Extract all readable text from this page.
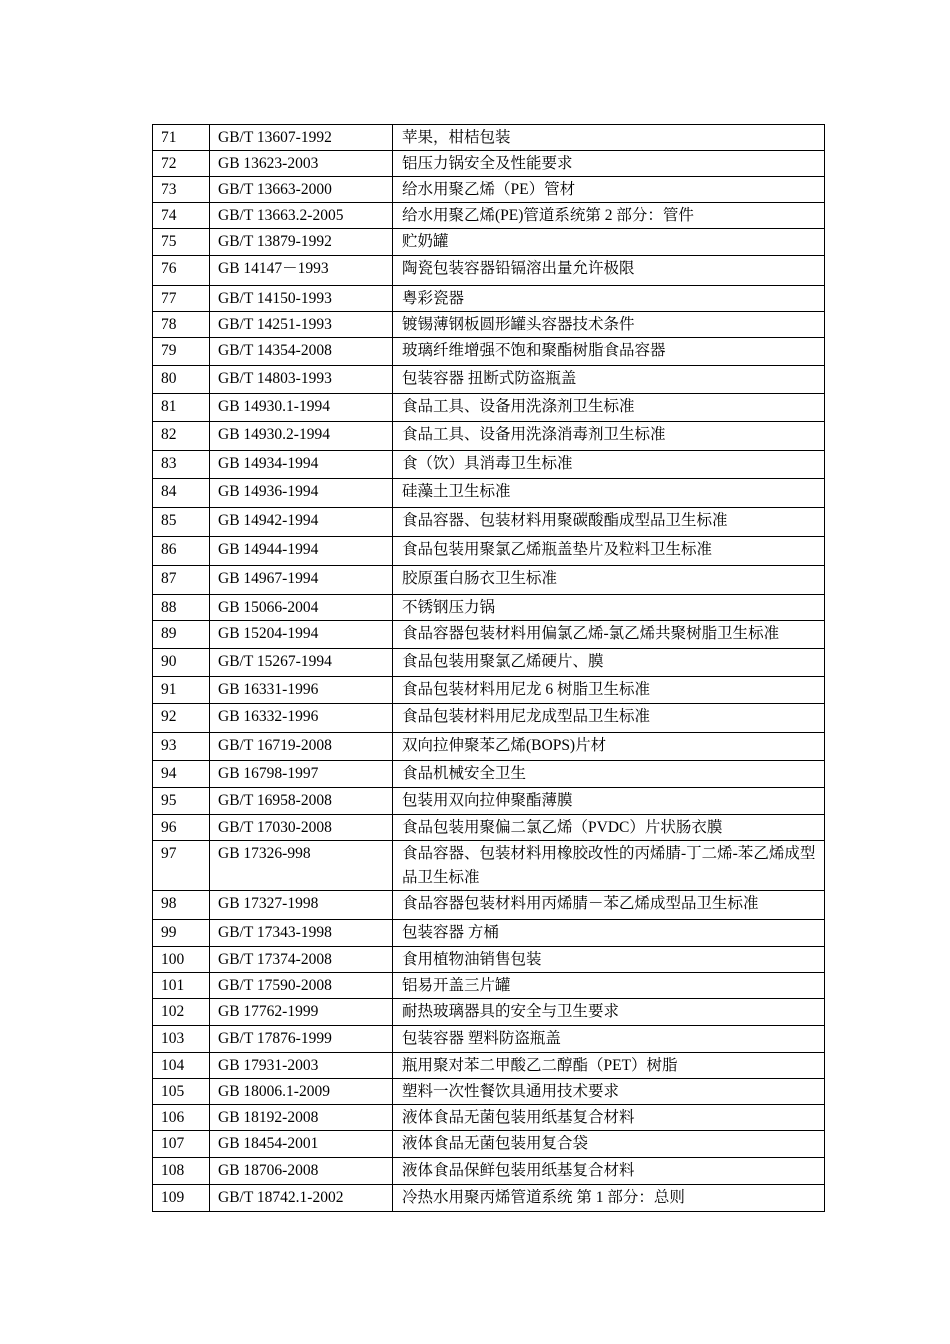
71	GB/T 13607-1992	苹果，柑桔包装
72	GB 13623-2003	铝压力锅安全及性能要求
73	GB/T 13663-2000	给水用聚乙烯（PE）管材
74	GB/T 13663.2-2005	给水用聚乙烯(PE)管道系统第 2 部分：管件
75	GB/T 13879-1992	贮奶罐
76	GB 14147－1993	陶瓷包装容器铅镉溶出量允许极限
77	GB/T 14150-1993	粤彩瓷器
78	GB/T 14251-1993	镀锡薄钢板圆形罐头容器技术条件
79	GB/T 14354-2008	玻璃纤维增强不饱和聚酯树脂食品容器
80	GB/T 14803-1993	包装容器 扭断式防盗瓶盖
81	GB 14930.1-1994	食品工具、设备用洗涤剂卫生标准
82	GB 14930.2-1994	食品工具、设备用洗涤消毒剂卫生标准
83	GB 14934-1994	食（饮）具消毒卫生标准
84	GB 14936-1994	硅藻土卫生标准
85	GB 14942-1994	食品容器、包装材料用聚碳酸酯成型品卫生标准
86	GB 14944-1994	食品包装用聚氯乙烯瓶盖垫片及粒料卫生标准
87	GB 14967-1994	胶原蛋白肠衣卫生标准
88	GB 15066-2004	不锈钢压力锅
89	GB 15204-1994	食品容器包装材料用偏氯乙烯-氯乙烯共聚树脂卫生标准
90	GB/T 15267-1994	食品包装用聚氯乙烯硬片、膜
91	GB 16331-1996	食品包装材料用尼龙 6 树脂卫生标准
92	GB 16332-1996	食品包装材料用尼龙成型品卫生标准
93	GB/T 16719-2008	双向拉伸聚苯乙烯(BOPS)片材
94	GB 16798-1997	食品机械安全卫生
95	GB/T 16958-2008	包装用双向拉伸聚酯薄膜
96	GB/T 17030-2008	食品包装用聚偏二氯乙烯（PVDC）片状肠衣膜
97	GB 17326-998	食品容器、包装材料用橡胶改性的丙烯腈-丁二烯-苯乙烯成型品卫生标准
98	GB 17327-1998	食品容器包装材料用丙烯腈－苯乙烯成型品卫生标准
99	GB/T 17343-1998	包装容器 方桶
100	GB/T 17374-2008	食用植物油销售包装
101	GB/T 17590-2008	铝易开盖三片罐
102	GB 17762-1999	耐热玻璃器具的安全与卫生要求
103	GB/T 17876-1999	包装容器 塑料防盗瓶盖
104	GB 17931-2003	瓶用聚对苯二甲酸乙二醇酯（PET）树脂
105	GB 18006.1-2009	塑料一次性餐饮具通用技术要求
106	GB 18192-2008	液体食品无菌包装用纸基复合材料
107	GB 18454-2001	液体食品无菌包装用复合袋
108	GB 18706-2008	液体食品保鲜包装用纸基复合材料
109	GB/T 18742.1-2002	冷热水用聚丙烯管道系统 第 1 部分：总则
